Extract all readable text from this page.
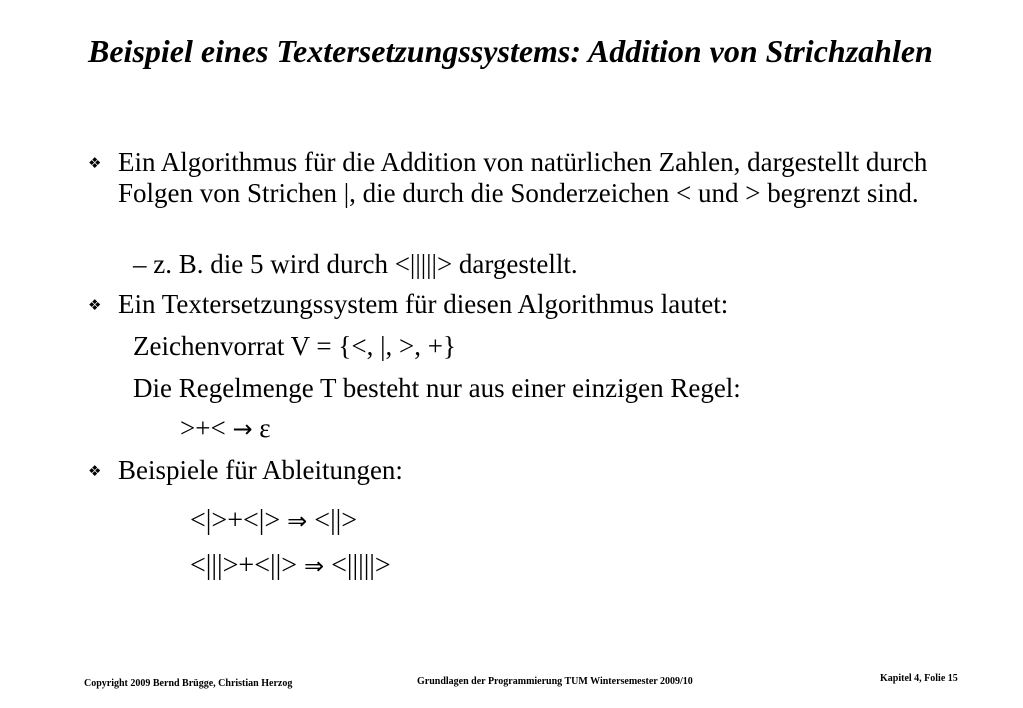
Beispiel eines Textersetzungssystems: Addition von Strichzahlen
❖ Ein Algorithmus für die Addition von natürlichen Zahlen, dargestellt durch Folgen von Strichen |, die durch die Sonderzeichen < und > begrenzt sind.
– z. B. die 5 wird durch <|||||> dargestellt.
❖ Ein Textersetzungssystem für diesen Algorithmus lautet:
Zeichenvorrat V = {<, |, >, +}
Die Regelmenge T besteht nur aus einer einzigen Regel:
>+< → ε
❖ Beispiele für Ableitungen:
<|>+<|> ⇒ <||>
<|||>+<||> ⇒ <|||||>
Copyright 2009 Bernd Brügge, Christian Herzog	Grundlagen der Programmierung TUM Wintersemester 2009/10	Kapitel 4, Folie 15
